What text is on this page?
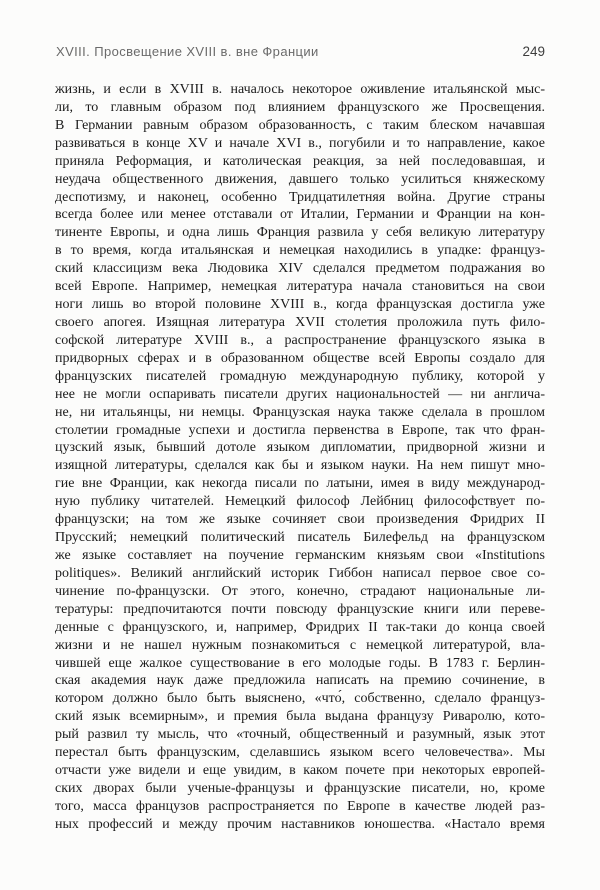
XVIII. Просвещение XVIII в. вне Франции	249
жизнь, и если в XVIII в. началось некоторое оживление итальянской мыс-
ли, то главным образом под влиянием французского же Просвещения.
В Германии равным образом образованность, с таким блеском начавшая
развиваться в конце XV и начале XVI в., погубили и то направление, какое
приняла Реформация, и католическая реакция, за ней последовавшая, и
неудача общественного движения, давшего только усилиться княжескому
деспотизму, и наконец, особенно Тридцатилетняя война. Другие страны
всегда более или менее отставали от Италии, Германии и Франции на кон-
тиненте Европы, и одна лишь Франция развила у себя великую литературу
в то время, когда итальянская и немецкая находились в упадке: француз-
ский классицизм века Людовика XIV сделался предметом подражания во
всей Европе. Например, немецкая литература начала становиться на свои
ноги лишь во второй половине XVIII в., когда французская достигла уже
своего апогея. Изящная литература XVII столетия проложила путь фило-
софской литературе XVIII в., а распространение французского языка в
придворных сферах и в образованном обществе всей Европы создало для
французских писателей громадную международную публику, которой у
нее не могли оспаривать писатели других национальностей — ни англича-
не, ни итальянцы, ни немцы. Французская наука также сделала в прошлом
столетии громадные успехи и достигла первенства в Европе, так что фран-
цузский язык, бывший дотоле языком дипломатии, придворной жизни и
изящной литературы, сделался как бы и языком науки. На нем пишут мно-
гие вне Франции, как некогда писали по латыни, имея в виду международ-
ную публику читателей. Немецкий философ Лейбниц философствует по-
французски; на том же языке сочиняет свои произведения Фридрих II
Прусский; немецкий политический писатель Билефельд на французском
же языке составляет на поучение германским князьям свои «Institutions
politiques». Великий английский историк Гиббон написал первое свое со-
чинение по-французски. От этого, конечно, страдают национальные ли-
тературы: предпочитаются почти повсюду французские книги или переве-
денные с французского, и, например, Фридрих II так-таки до конца своей
жизни и не нашел нужным познакомиться с немецкой литературой, вла-
чившей еще жалкое существование в его молодые годы. В 1783 г. Берлин-
ская академия наук даже предложила написать на премию сочинение, в
котором должно было быть выяснено, «что́, собственно, сделало француз-
ский язык всемирным», и премия была выдана французу Риваролю, кото-
рый развил ту мысль, что «точный, общественный и разумный, язык этот
перестал быть французским, сделавшись языком всего человечества». Мы
отчасти уже видели и еще увидим, в каком почете при некоторых европей-
ских дворах были ученые-французы и французские писатели, но, кроме
того, масса французов распространяется по Европе в качестве людей раз-
ных профессий и между прочим наставников юношества. «Настало время
